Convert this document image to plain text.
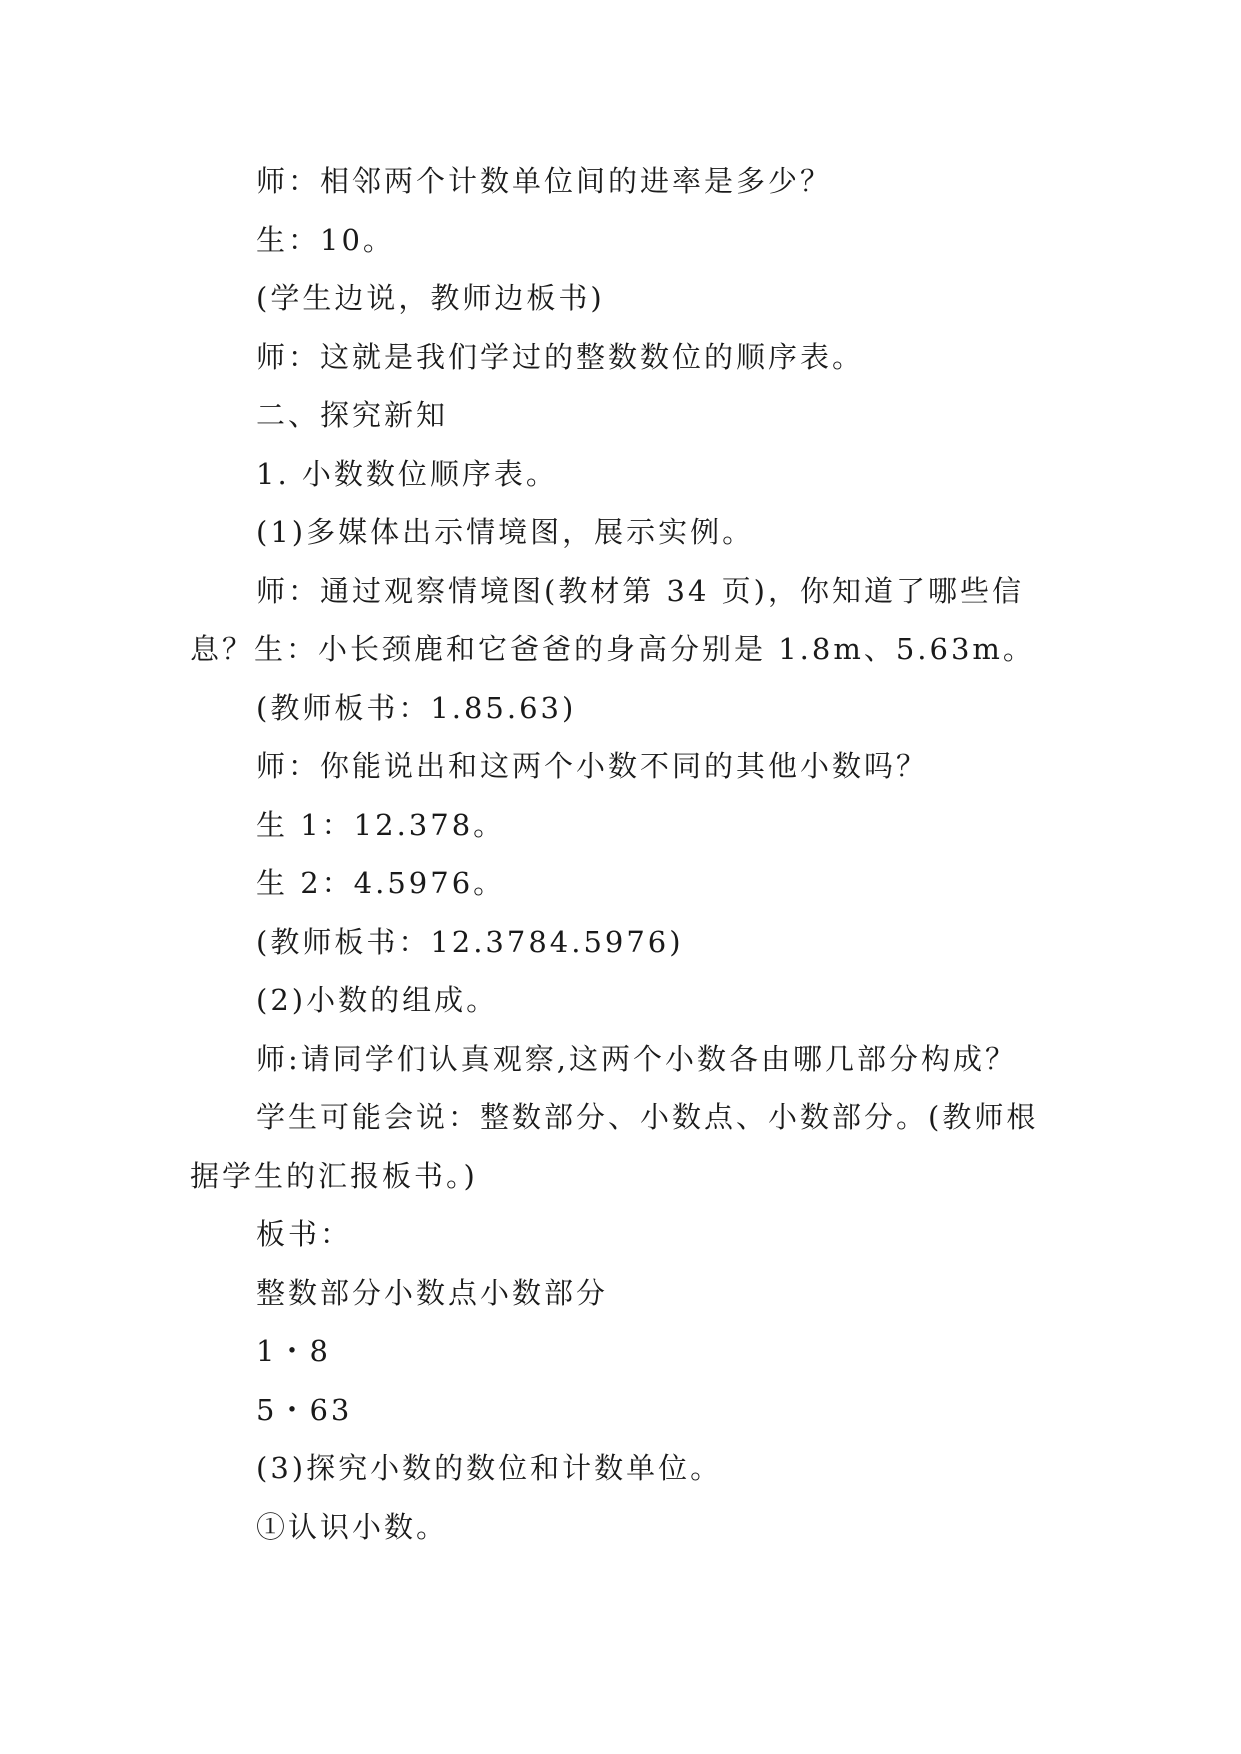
师：相邻两个计数单位间的进率是多少？

生：10。

(学生边说，教师边板书)

师：这就是我们学过的整数数位的顺序表。

二、探究新知

1. 小数数位顺序表。

(1)多媒体出示情境图，展示实例。

师：通过观察情境图(教材第 34 页)，你知道了哪些信息？生：小长颈鹿和它爸爸的身高分别是 1.8m、5.63m。

(教师板书：1.85.63)

师：你能说出和这两个小数不同的其他小数吗？

生 1：12.378。

生 2：4.5976。

(教师板书：12.3784.5976)

(2)小数的组成。

师:请同学们认真观察,这两个小数各由哪几部分构成？

学生可能会说：整数部分、小数点、小数部分。(教师根据学生的汇报板书。)

板书：

整数部分小数点小数部分

1・8

5・63

(3)探究小数的数位和计数单位。

①认识小数。
